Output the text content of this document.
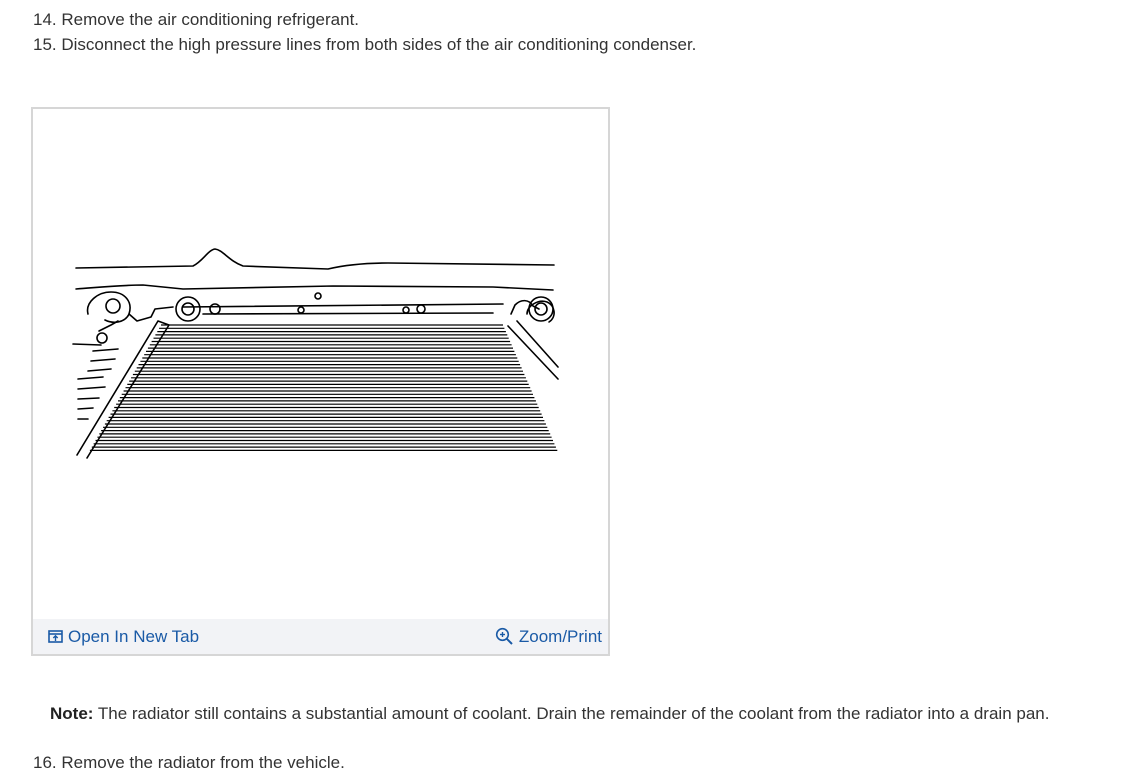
14. Remove the air conditioning refrigerant.
15. Disconnect the high pressure lines from both sides of the air conditioning condenser.
Open In New Tab	Zoom/Print
Note: The radiator still contains a substantial amount of coolant. Drain the remainder of the coolant from the radiator into a drain pan.
16. Remove the radiator from the vehicle.
